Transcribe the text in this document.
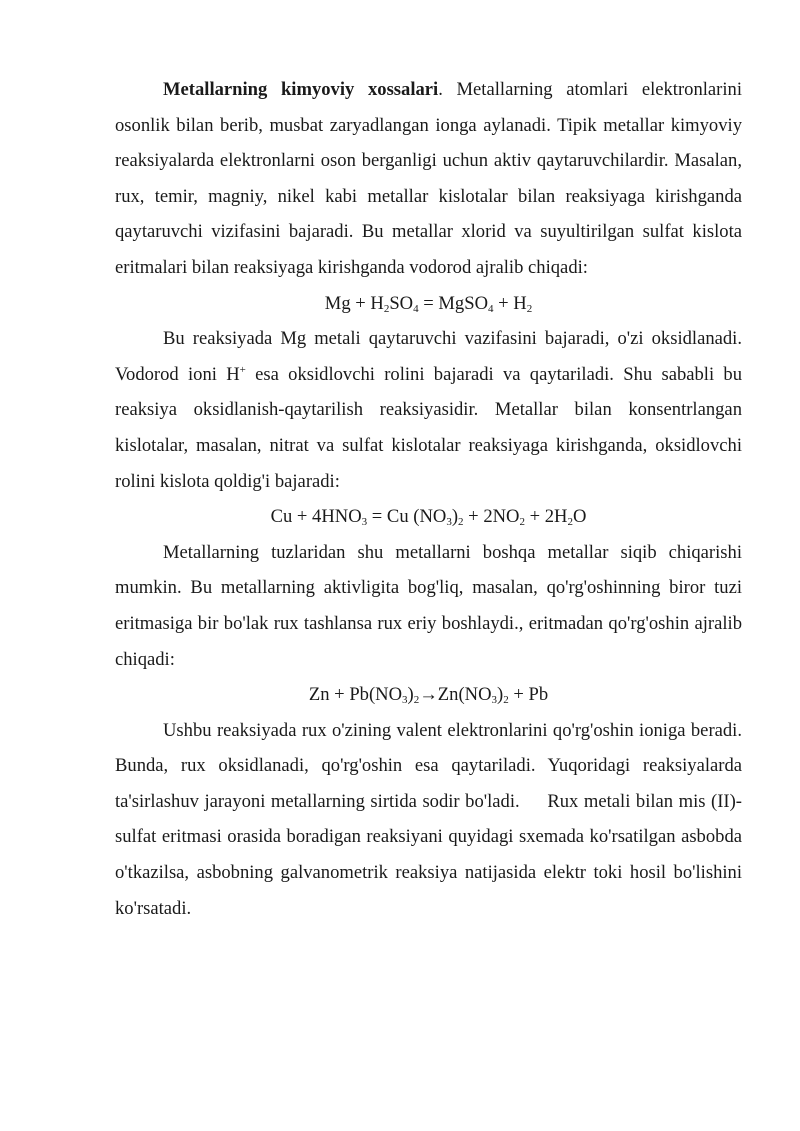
Metallarning kimyoviy xossalari. Metallarning atomlari elektronlarini osonlik bilan berib, musbat zaryadlangan ionga aylanadi. Tipik metallar kimyoviy reaksiyalarda elektronlarni oson berganligi uchun aktiv qaytaruvchilardir. Masalan, rux, temir, magniy, nikel kabi metallar kislotalar bilan reaksiyaga kirishganda qaytaruvchi vizifasini bajaradi. Bu metallar xlorid va suyultirilgan sulfat kislota eritmalari bilan reaksiyaga kirishganda vodorod ajralib chiqadi:

$Mg + H_2SO_4$ = MgSO$_4$ + $H_2$

Bu reaksiyada Mg metali qaytaruvchi vazifasini bajaradi, o'zi oksidlanadi. Vodorod ioni H+ esa oksidlovchi rolini bajaradi va qaytariladi. Shu sababli bu reaksiya oksidlanish-qaytarilish reaksiyasidir. Metallar bilan konsentrlangan kislotalar, masalan, nitrat va sulfat kislotalar reaksiyaga kirishganda, oksidlovchi rolini kislota qoldig'i bajaradi:

$Cu + 4HNO_3 = Cu$ $(NO_3)_2 + 2NO_2 + 2H_2O$

Metallarning tuzlaridan shu metallarni boshqa metallar siqib chiqarishi mumkin. Bu metallarning aktivligita bog'liq, masalan, qo'rg'oshinning biror tuzi eritmasiga bir bo'lak rux tashlansa rux eriy boshlaydi., eritmadan qo'rg'oshin ajralib chiqadi:

$Zn + Pb(NO_3)_2\to Zn(NO_3)_2 + Pb$

Ushbu reaksiyada rux o'zining valent elektronlarini qo'rg'oshin ioniga beradi. Bunda, rux oksidlanadi, qo'rg'oshin esa qaytariladi. Yuqoridagi reaksiyalarda ta'sirlashuv jarayoni metallarning sirtida sodir bo'ladi.     Rux metali bilan mis (II)- sulfat eritmasi orasida boradigan reaksiyani quyidagi sxemada ko'rsatilgan asbobda o'tkazilsa, asbobning galvanometrik reaksiya natijasida elektr toki hosil bo'lishini ko'rsatadi.
